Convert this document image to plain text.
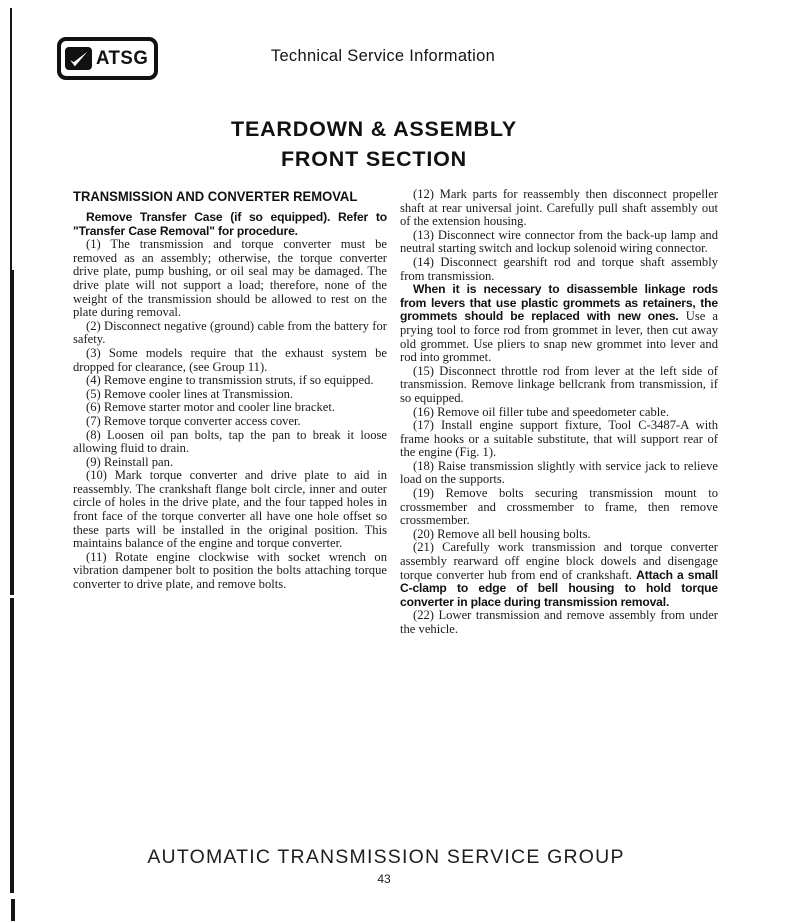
ATSG	Technical Service Information
TEARDOWN & ASSEMBLY
FRONT SECTION
TRANSMISSION AND CONVERTER REMOVAL

Remove Transfer Case (if so equipped). Refer to "Transfer Case Removal" for procedure.

(1) The transmission and torque converter must be removed as an assembly; otherwise, the torque converter drive plate, pump bushing, or oil seal may be damaged. The drive plate will not support a load; therefore, none of the weight of the transmission should be allowed to rest on the plate during removal.

(2) Disconnect negative (ground) cable from the battery for safety.

(3) Some models require that the exhaust system be dropped for clearance, (see Group 11).

(4) Remove engine to transmission struts, if so equipped.

(5) Remove cooler lines at Transmission.

(6) Remove starter motor and cooler line bracket.

(7) Remove torque converter access cover.

(8) Loosen oil pan bolts, tap the pan to break it loose allowing fluid to drain.

(9) Reinstall pan.

(10) Mark torque converter and drive plate to aid in reassembly. The crankshaft flange bolt circle, inner and outer circle of holes in the drive plate, and the four tapped holes in front face of the torque converter all have one hole offset so these parts will be installed in the original position. This maintains balance of the engine and torque converter.

(11) Rotate engine clockwise with socket wrench on vibration dampener bolt to position the bolts attaching torque converter to drive plate, and remove bolts.

(12) Mark parts for reassembly then disconnect propeller shaft at rear universal joint. Carefully pull shaft assembly out of the extension housing.

(13) Disconnect wire connector from the back-up lamp and neutral starting switch and lockup solenoid wiring connector.

(14) Disconnect gearshift rod and torque shaft assembly from transmission.

When it is necessary to disassemble linkage rods from levers that use plastic grommets as retainers, the grommets should be replaced with new ones. Use a prying tool to force rod from grommet in lever, then cut away old grommet. Use pliers to snap new grommet into lever and rod into grommet.

(15) Disconnect throttle rod from lever at the left side of transmission. Remove linkage bellcrank from transmission, if so equipped.

(16) Remove oil filler tube and speedometer cable.

(17) Install engine support fixture, Tool C-3487-A with frame hooks or a suitable substitute, that will support rear of the engine (Fig. 1).

(18) Raise transmission slightly with service jack to relieve load on the supports.

(19) Remove bolts securing transmission mount to crossmember and crossmember to frame, then remove crossmember.

(20) Remove all bell housing bolts.

(21) Carefully work transmission and torque converter assembly rearward off engine block dowels and disengage torque converter hub from end of crankshaft. Attach a small C-clamp to edge of bell housing to hold torque converter in place during transmission removal.

(22) Lower transmission and remove assembly from under the vehicle.

AUTOMATIC TRANSMISSION SERVICE GROUP
43
